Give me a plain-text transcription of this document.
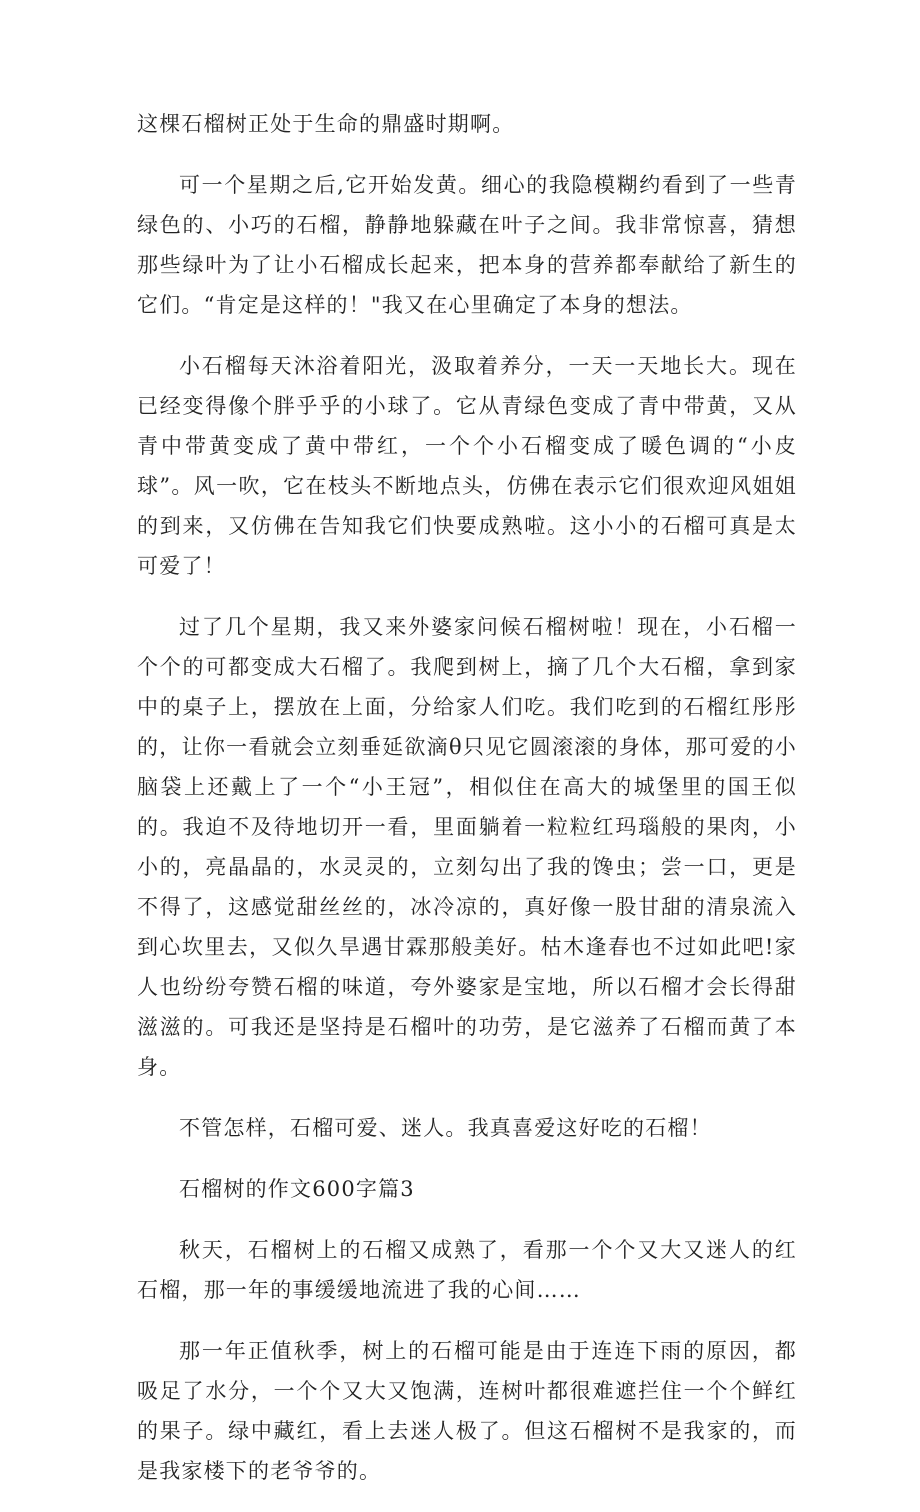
这棵石榴树正处于生命的鼎盛时期啊。

可一个星期之后,它开始发黄。细心的我隐模糊约看到了一些青绿色的、小巧的石榴，静静地躲藏在叶子之间。我非常惊喜，猜想那些绿叶为了让小石榴成长起来，把本身的营养都奉献给了新生的它们。“肯定是这样的！"我又在心里确定了本身的想法。

小石榴每天沐浴着阳光，汲取着养分，一天一天地长大。现在已经变得像个胖乎乎的小球了。它从青绿色变成了青中带黄，又从青中带黄变成了黄中带红，一个个小石榴变成了暖色调的“小皮球”。风一吹，它在枝头不断地点头，仿佛在表示它们很欢迎风姐姐的到来，又仿佛在告知我它们快要成熟啦。这小小的石榴可真是太可爱了！

过了几个星期，我又来外婆家问候石榴树啦！现在，小石榴一个个的可都变成大石榴了。我爬到树上，摘了几个大石榴，拿到家中的桌子上，摆放在上面，分给家人们吃。我们吃到的石榴红彤彤的，让你一看就会立刻垂延欲滴θ只见它圆滚滚的身体，那可爱的小脑袋上还戴上了一个“小王冠”，相似住在高大的城堡里的国王似的。我迫不及待地切开一看，里面躺着一粒粒红玛瑙般的果肉，小小的，亮晶晶的，水灵灵的，立刻勾出了我的馋虫；尝一口，更是不得了，这感觉甜丝丝的，冰冷凉的，真好像一股甘甜的清泉流入到心坎里去，又似久旱遇甘霖那般美好。枯木逢春也不过如此吧!家人也纷纷夸赞石榴的味道，夸外婆家是宝地，所以石榴才会长得甜滋滋的。可我还是坚持是石榴叶的功劳，是它滋养了石榴而黄了本身。

不管怎样，石榴可爱、迷人。我真喜爱这好吃的石榴！

石榴树的作文600字篇3

秋天，石榴树上的石榴又成熟了，看那一个个又大又迷人的红石榴，那一年的事缓缓地流进了我的心间……

那一年正值秋季，树上的石榴可能是由于连连下雨的原因，都吸足了水分，一个个又大又饱满，连树叶都很难遮拦住一个个鲜红的果子。绿中藏红，看上去迷人极了。但这石榴树不是我家的，而是我家楼下的老爷爷的。
